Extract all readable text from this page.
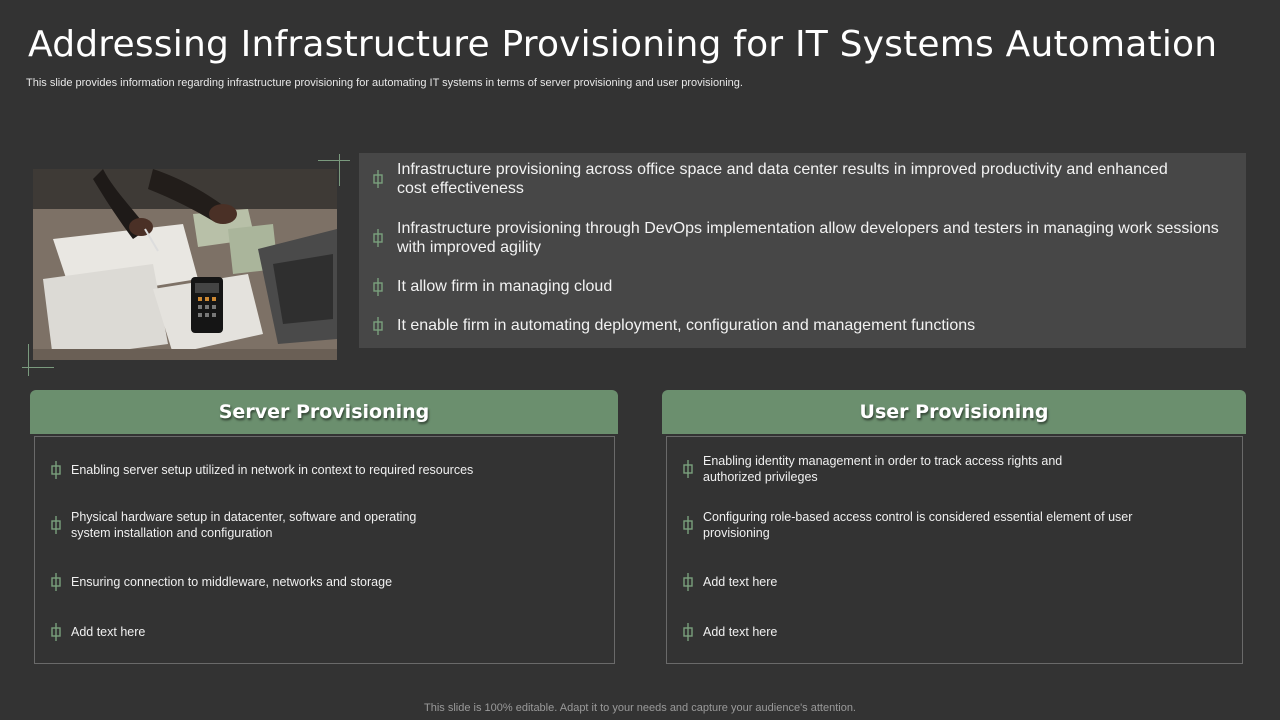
Addressing Infrastructure Provisioning for IT Systems Automation
This slide provides information regarding infrastructure provisioning for automating IT systems in terms of server provisioning and user provisioning.
Infrastructure provisioning across office space and data center results in improved productivity and enhanced cost effectiveness
Infrastructure provisioning through DevOps implementation allow developers and testers in managing work sessions with improved agility
It allow firm in managing cloud
It enable firm in automating deployment, configuration and management functions
Server Provisioning
Enabling server setup utilized in network in context to required resources
Physical hardware setup in datacenter, software and operating system installation and configuration
Ensuring connection to middleware, networks and storage
Add text here
User Provisioning
Enabling identity management in order to track access rights and authorized privileges
Configuring role-based access control is considered essential element of user provisioning
Add text here
Add text here
This slide is 100% editable. Adapt it to your needs and capture your audience's attention.
